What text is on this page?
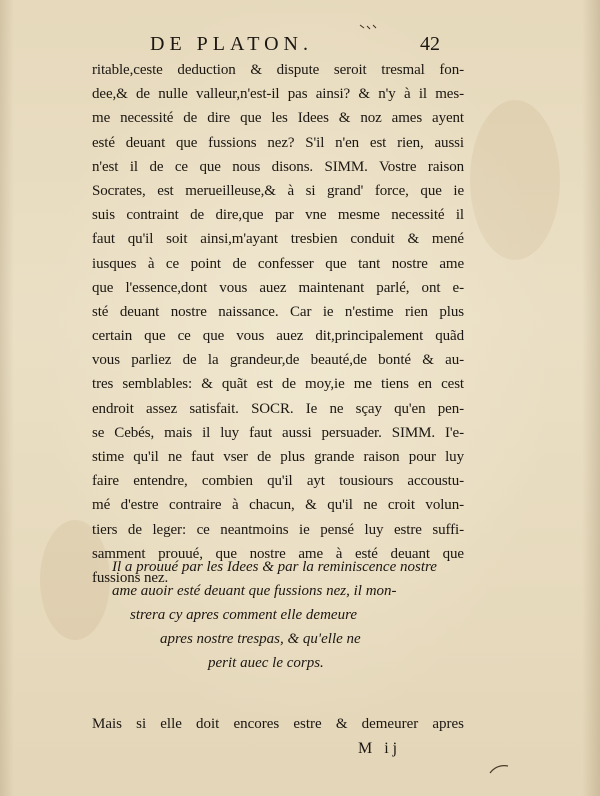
DE PLATON.	42
ritable,ceste deduction & dispute seroit tresmal fon-
dee,& de nulle valleur,n'est-il pas ainsi? & n'y à il mes-
me necessité de dire que les Idees & noz ames ayent
esté deuant que fussions nez? S'il n'en est rien, aussi
n'est il de ce que nous disons. SIMM. Vostre raison
Socrates, est merueilleuse,& à si grand' force, que ie
suis contraint de dire,que par vne mesme necessité il
faut qu'il soit ainsi,m'ayant tresbien conduit & mené
iusques à ce point de confesser que tant nostre ame
que l'essence,dont vous auez maintenant parlé, ont e-
sté deuant nostre naissance. Car ie n'estime rien plus
certain que ce que vous auez dit,principalement quãd
vous parliez de la grandeur,de beauté,de bonté & au-
tres semblables: & quãt est de moy,ie me tiens en cest
endroit assez satisfait. SOCR. Ie ne sçay qu'en pen-
se Cebés, mais il luy faut aussi persuader. SIMM. I'e-
stime qu'il ne faut vser de plus grande raison pour luy
faire entendre, combien qu'il ayt tousiours accoustu-
mé d'estre contraire à chacun, & qu'il ne croit volun-
tiers de leger: ce neantmoins ie pensé luy estre suffi-
samment prouué, que nostre ame à esté deuant que
fussions nez.
Il a prouué par les Idees & par la reminiscence nostre
ame auoir esté deuant que fussions nez, il mon-
strera cy apres comment elle demeure
apres nostre trespas, & qu'elle ne
perit auec le corps.
Mais si elle doit encores estre & demeurer apres
M ij
